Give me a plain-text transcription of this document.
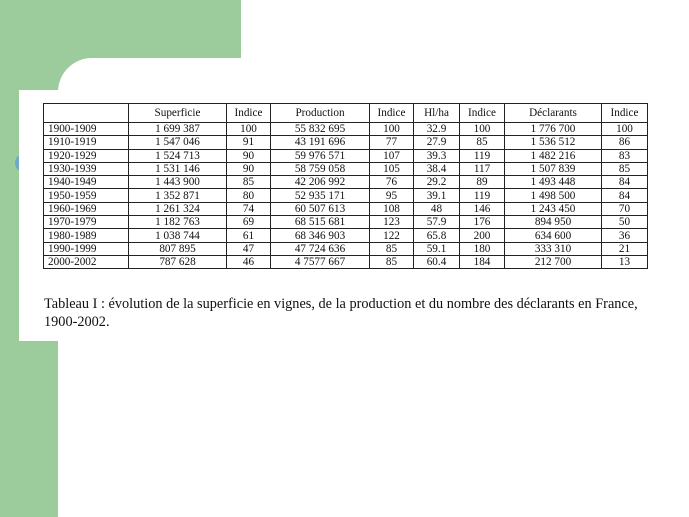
	Superficie	Indice	Production	Indice	Hl/ha	Indice	Déclarants	Indice
1900-1909	1 699 387	100	55 832 695	100	32.9	100	1 776 700	100
1910-1919	1 547 046	91	43 191 696	77	27.9	85	1 536 512	86
1920-1929	1 524 713	90	59 976 571	107	39.3	119	1 482 216	83
1930-1939	1 531 146	90	58 759 058	105	38.4	117	1 507 839	85
1940-1949	1 443 900	85	42 206 992	76	29.2	89	1 493 448	84
1950-1959	1 352 871	80	52 935 171	95	39.1	119	1 498 500	84
1960-1969	1 261 324	74	60 507 613	108	48	146	1 243 450	70
1970-1979	1 182 763	69	68 515 681	123	57.9	176	894 950	50
1980-1989	1 038 744	61	68 346 903	122	65.8	200	634 600	36
1990-1999	807 895	47	47 724 636	85	59.1	180	333 310	21
2000-2002	787 628	46	4 7577 667	85	60.4	184	212 700	13
Tableau I : évolution de la superficie en vignes, de la production et du nombre des déclarants en France, 1900-2002.
